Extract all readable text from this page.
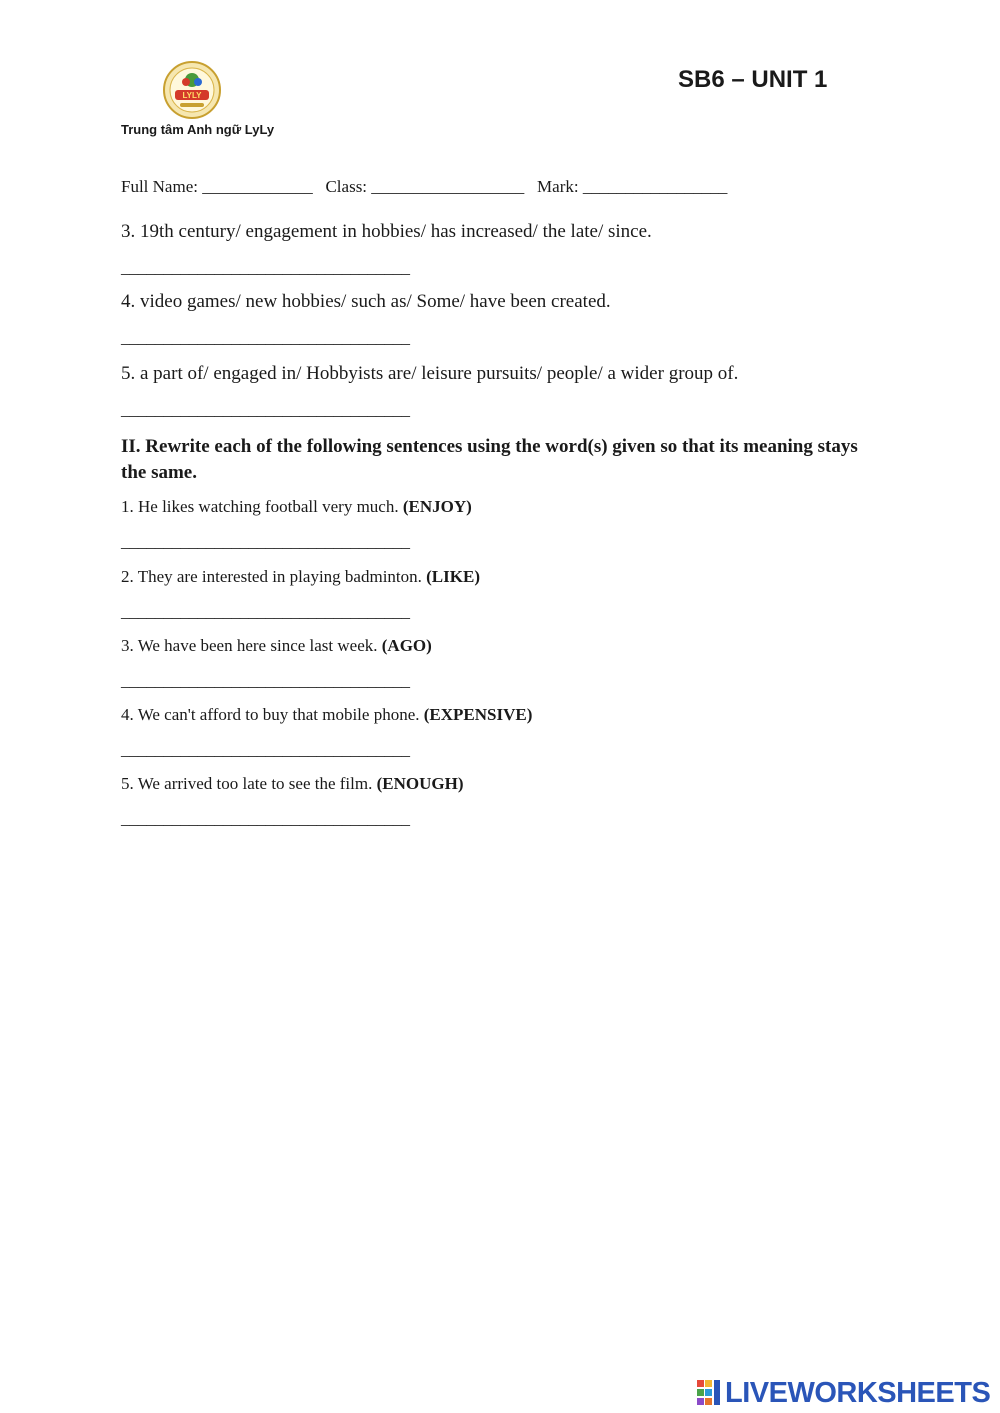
LYLY
Trung tâm Anh ngữ LyLy
SB6 – UNIT 1
Full Name: _____________ Class: __________________ Mark: _________________
3. 19th century/ engagement in hobbies/ has increased/ the late/ since.
__________________________________
4. video games/ new hobbies/ such as/ Some/ have been created.
__________________________________
5. a part of/ engaged in/ Hobbyists are/ leisure pursuits/ people/ a wider group of.
__________________________________
II. Rewrite each of the following sentences using the word(s) given so that its meaning stays the same.
1. He likes watching football very much. (ENJOY)
__________________________________
2. They are interested in playing badminton. (LIKE)
__________________________________
3. We have been here since last week. (AGO)
__________________________________
4. We can't afford to buy that mobile phone. (EXPENSIVE)
__________________________________
5. We arrived too late to see the film. (ENOUGH)
__________________________________
LIVEWORKSHEETS
